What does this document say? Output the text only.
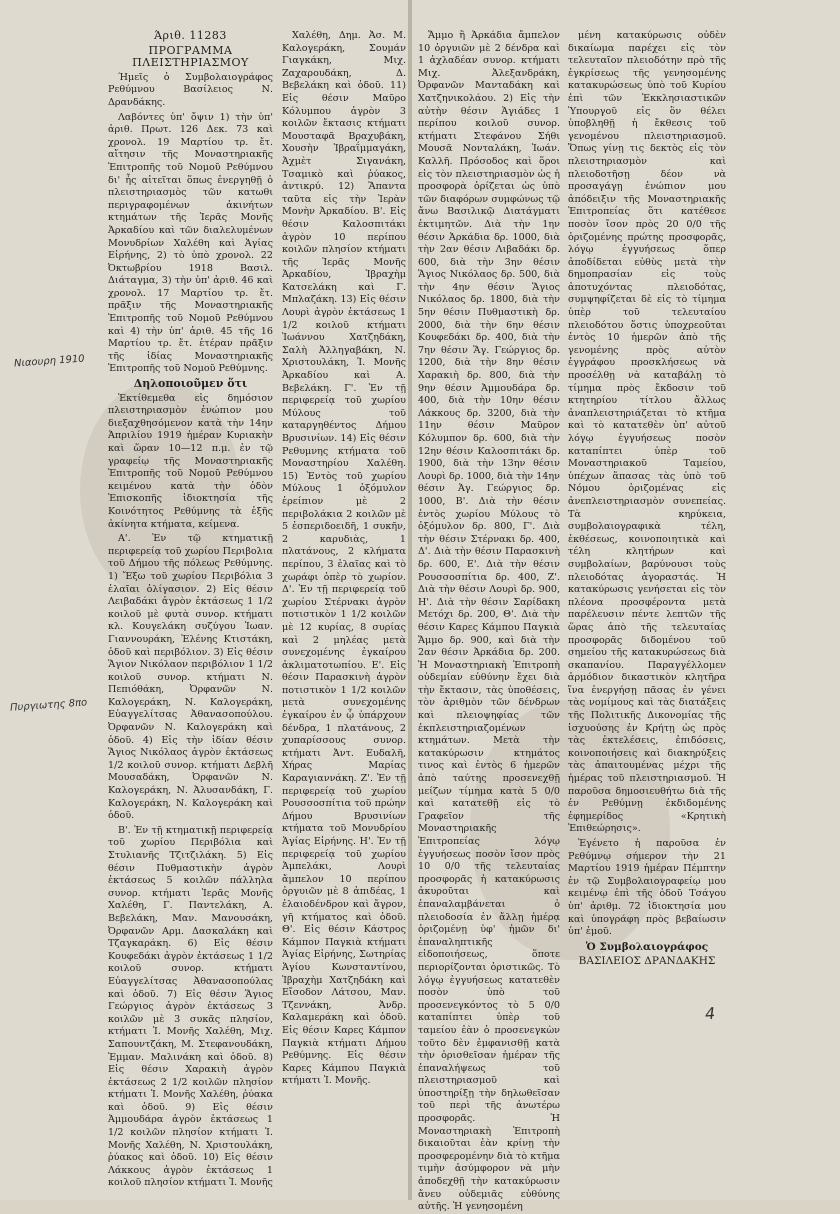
Άριθ. 11283

ΠΡΟΓΡΑΜΜΑ ΠΛΕΙΣΤΗΡΙΑΣΜΟΥ

Ήμεῖς ὁ Συμβολαιογράφος Ρεθύμνου Βασίλειος Ν. Δρανδάκης.

Λαβόντες ὑπ' ὄψιν 1) τὴν ὑπ' ἀριθ. Πρωτ. 126 Δεκ. 73 καὶ χρονολ. 19 Μαρτίου τρ. ἔτ. αἴτησιν τῆς Μοναστηριακῆς Ἐπιτροπῆς τοῦ Νομοῦ Ρεθύμνου δι' ἧς αἰτεῖται ὅπως ἐνεργηθῇ ὁ πλειστηριασμὸς τῶν κατωθι περιγραφομένων ἀκινήτων κτημάτων τῆς Ἱερᾶς Μονῆς Ἀρκαδίου καὶ τῶν διαλελυμένων Μονυδρίων Χαλέθη καὶ Ἁγίας Εἰρήνης, 2) τὸ ὑπὸ χρονολ. 22 Ὀκτωβρίου 1918 Βασιλ. Διάταγμα, 3) τὴν ὑπ' ἀριθ. 46 καὶ χρονολ. 17 Μαρτίου τρ. ἔτ. πρᾶξιν τῆς Μοναστηριακῆς Ἐπιτροπῆς τοῦ Νομοῦ Ρεθύμνου καὶ 4) τὴν ὑπ' ἀριθ. 45 τῆς 16 Μαρτίου τρ. ἔτ. ἑτέραν πρᾶξιν τῆς ἰδίας Μοναστηριακῆς Ἐπιτροπῆς τοῦ Νομοῦ Ρεθύμνης.

Δηλοποιοῦμεν ὅτι

Ἐκτίθεμεθα εἰς δημόσιον πλειστηριασμὸν ἐνώπιον μου διεξαχθησόμενον κατὰ τὴν 14ην Ἀπριλίου 1919 ἡμέραν Κυριακὴν καὶ ὥραν 10—12 π.μ. ἐν τῷ γραφείῳ τῆς Μοναστηριακῆς Ἐπιτροπῆς τοῦ Νομοῦ Ρεθύμνου κειμένου κατὰ τὴν ὁδὸν Ἐπισκοπῆς ἰδιοκτησία τῆς Κοινότητος Ρεθύμνης τὰ ἑξῆς ἀκίνητα κτήματα, κείμενα.

Α'. Ἐν τῷ κτηματικῇ περιφερείᾳ τοῦ χωρίου Περιβολια τοῦ Δήμου τῆς πόλεως Ρεθύμνης. 1) Ἔξω τοῦ χωρίου Περιβόλια 3 ἐλαῖαι ὀλίγασιον. 2) Εἰς θέσιν Λειβαδάκι ἀγρὸν ἐκτάσεως 1 1/2 κοιλοῦ μὲ φυτὰ συνορ. κτήματι κλ. Κουγελάκη συζύγου Ἰωαν. Γιαννουράκη, Ἐλένης Κτιστάκη, ὁδοῦ καὶ περιβόλιον. 3) Εἰς θέσιν Ἅγιον Νικόλαον περιβόλιον 1 1/2 κοιλοῦ συνορ. κτήματι Ν. Πεπιόθάκη, Ὀρφανῶν Ν. Καλογεράκη, Ν. Καλογεράκη, Εὐαγγελίτσας Ἀθανασοπούλου. Ὀρφανῶν Ν. Καλογεράκη καὶ ὁδοῦ. 4) Εἰς τὴν ἰδίαν θέσιν Ἅγιος Νικόλαος ἀγρὸν ἐκτάσεως 1/2 κοιλοῦ συνορ. κτήματι Δεβλῆ Μουσαδάκη, Ὀρφανῶν Ν. Καλογεράκη, Ν. Ἀλυσανδάκη, Γ. Καλογεράκη, Ν. Καλογεράκη καὶ ὁδοῦ.

Β'. Ἐν τῇ κτηματικῇ περιφερείᾳ τοῦ χωρίου Περιβόλια καὶ Στυλιανῆς Τζιτζιλάκη. 5) Εἰς θέσιν Πυθμαστικὴν ἀγρὸν ἐκτάσεως 5 κοιλῶν πάλληλα συνορ. κτήματι Ἱερᾶς Μονῆς Χαλέθη, Γ. Παντελάκη, Α. Βεβελάκη, Μαν. Μανουσάκη, Ὀρφανῶν Αρμ. Δασκαλάκη καὶ Τζαγκαράκη. 6) Εἰς θέσιν Κουφεδάκι ἀγρὸν ἐκτάσεως 1 1/2 κοιλοῦ συνορ. κτήματι Εὐαγγελίτσας Ἀθανασοπούλας καὶ ὁδοῦ. 7) Εἰς θέσιν Ἅγιος Γεώργιος ἀγρὸν ἐκτάσεως 3 κοιλῶν μὲ 3 συκᾶς πλησίον, κτήματι Ἱ. Μονῆς Χαλέθη, Μιχ. Σαπουντζάκη, Μ. Στεφανουδάκη, Ἐμμαν. Μαλινάκη καὶ ὁδοῦ. 8) Εἰς θέσιν Χαρακιὴ ἀγρὸν ἐκτάσεως 2 1/2 κοιλῶν πλησίον κτήματι Ἱ. Μονῆς Χαλέθη, ῥύακα καὶ ὁδοῦ. 9) Εἰς θέσιν Ἀμμουδάρα ἀγρὸν ἐκτάσεως 1 1/2 κοιλῶν πλησίον κτήματι Ἱ. Μονῆς Χαλέθη, Ν. Χριστουλάκη, ῥύακος καὶ ὁδοῦ. 10) Εἰς θέσιν Λάκκους ἀγρὸν ἐκτάσεως 1 κοιλοῦ πλησίον κτήματι Ἱ. Μονῆς

Χαλέθη, Δημ. Ἀσ. Μ. Καλογεράκη, Σουμάν Γιαγκάκη, Μιχ. Ζαχαρουδάκη, Δ. Βεβελάκη καὶ ὁδοῦ. 11) Εἰς θέσιν Μαῦρο Κόλυμπου ἀγρὸν 3 κοιλῶν ἔκτασις κτήματι Μουσταφᾶ Βραχυβάκη, Χουσὴν Ἰβραΐμμαγάκη, Ἀχμὲτ Σιγανάκη, Τσαμικὸ καὶ ῥύακος, ἀντικρύ. 12) Ἅπαντα ταῦτα εἰς τὴν Ἱερὰν Μονὴν Ἀρκαδίου. Β'. Εἰς θέσιν Καλοσπιτάκι ἀγρὸν 10 περίπου κοιλῶν πλησίον κτήματι τῆς Ἱερᾶς Μονῆς Ἀρκαδίου, Ἰβραχὴμ Κατσελάκη καὶ Γ. Μπλαζάκη. 13) Εἰς θέσιν Λουρὶ ἀγρὸν ἐκτάσεως 1 1/2 κοιλοῦ κτήματι Ἰωάννου Χατζηδάκη, Σαλὴ Ἀλληγαβάκη, Ν. Χριστουλάκη, Ἱ. Μονῆς Ἀρκαδίου καὶ Α. Βεβελάκη. Γ'. Ἐν τῇ περιφερείᾳ τοῦ χωρίου Μύλους τοῦ καταργηθέντος Δήμου Βρυσινίων. 14) Εἰς θέσιν Ρεθυμνης κτήματα τοῦ Μοναστηρίου Χαλέθη. 15) Ἐντὸς τοῦ χωρίου Μύλους 1 ὀξόμυλον ἐρείπιον μὲ 2 περιβολάκια 2 κοιλῶν μὲ 5 ἐσπεριδοειδῆ, 1 συκῆν, 2 καρυδιὰς, 1 πλατάνους, 2 κλήματα περίπου, 3 ἐλαῖας καὶ τὸ χωράφι ὁπὲρ τὸ χωρίον. Δ'. Ἐν τῇ περιφερείᾳ τοῦ χωρίου Στέρνακι ἀγρὸν ποτιστικὸν 1 1/2 κοιλῶν μὲ 12 κυρίας, 8 συρίας καὶ 2 μηλέας μετὰ συνεχομένης ἐγκαίρου ἀκλιματοτωπίου. Ε'. Εἰς θέσιν Παρασκινὴ ἀγρὸν ποτιστικὸν 1 1/2 κοιλῶν μετὰ συνεχομένης ἐγκαίρου ἐν ᾧ ὑπάρχουν δένδρα, 1 πλατάνους, 2 χυπαρίσσους συνορ. κτήματι Ἀντ. Ευδαλῆ, Χήρας Μαρίας Καραγιαννάκη. Ζ'. Ἐν τῇ περιφερείᾳ τοῦ χωρίου Ρουσσοσπίτια τοῦ πρώην Δήμου Βρυσινίων κτήματα τοῦ Μονυδρίου Ἁγίας Εἰρήνης. Η'. Ἐν τῇ περιφερείᾳ τοῦ χωρίου Ἀμπελάκι, Λουρὶ ἄμπελον 10 περίπου ὀργυιῶν μὲ 8 ἀπιδέας, 1 ἐλαιοδένδρον καὶ ἄγρον, γῆ κτήματος καὶ ὁδοῦ. Θ'. Εἰς θέσιν Κάστρος Κάμπον Παγκιὰ κτήματι Ἁγίας Εἰρήνης, Σωτηρίας Ἁγίου Κωνσταντίνου, Ἰβραχὴμ Χατζηδάκη καὶ Εἴσοδον Λάτσου, Μαν. Τζεννάκη, Ἀνδρ. Καλαμεράκη καὶ ὁδοῦ. Εἰς θέσιν Καρες Κάμπον Παγκιὰ κτήματι Δήμου Ρεθύμνης. Εἰς θέσιν Καρες Κάμπου Παγκιὰ κτήματι Ἱ. Μονῆς.

Ἄμμο ἢ Ἀρκάδια ἄμπελον 10 ὀργυιῶν μὲ 2 δένδρα καὶ 1 ἀχλαδέαν συνορ. κτήματι Μιχ. Ἀλεξανδράκη, Ὀρφανῶν Μανταδάκη καὶ Χατζηνικολάου. 2) Εἰς τὴν αὐτὴν θέσιν Ἁγιάδες 1 περίπου κοιλοῦ συνορ. κτήματι Στεφάνου Σήθι Μουσᾶ Νονταλάκη, Ἰωάν. Καλλῆ. Πρόσοδος καὶ ὅροι εἰς τὸν πλειστηριασμὸν ὡς ἡ προσφορὰ ὁρίζεται ὡς ὑπὸ τῶν διαφόρων συμφώνως τῷ ἄνω Βασιλικῷ Διατάγματι ἐκτιμητῶν. Διὰ τὴν 1ην θέσιν Ἀρκάδια δρ. 1000, διὰ τὴν 2αν θέσιν Λιβαδάκι δρ. 600, διὰ τὴν 3ην θέσιν Ἅγιος Νικόλαος δρ. 500, διὰ τὴν 4ην θέσιν Ἅγιος Νικόλαος δρ. 1800, διὰ τὴν 5ην θέσιν Πυθμαστικὴ δρ. 2000, διὰ τὴν 6ην θέσιν Κουφεδάκι δρ. 400, διὰ τὴν 7ην θέσιν Ἅγ. Γεώργιος δρ. 1200, διὰ τὴν 8ην θέσιν Χαρακιὴ δρ. 800, διὰ τὴν 9ην θέσιν Ἀμμουδάρα δρ. 400, διὰ τὴν 10ην θέσιν Λάκκους δρ. 3200, διὰ τὴν 11ην θέσιν Μαῦρον Κόλυμπον δρ. 600, διὰ τὴν 12ην θέσιν Καλοσπιτάκι δρ. 1900, διὰ τὴν 13ην θέσιν Λουρὶ δρ. 1000, διὰ τὴν 14ην θέσιν Ἀγ. Γεώργιος δρ. 1000, Β'. Διὰ τὴν θέσιν ἐντὸς χωρίου Μύλους τὸ ὀξόμυλον δρ. 800, Γ'. Διὰ τὴν θέσιν Στέρνακι δρ. 400, Δ'. Διὰ τὴν θέσιν Παρασκινὴ δρ. 600, Ε'. Διὰ τὴν θέσιν Ρουσσοσπίτια δρ. 400, Ζ'. Διὰ τὴν θέσιν Λουρὶ δρ. 900, Η'. Διὰ τὴν θέσιν Σαρίδακη Μετόχι δρ. 200, Θ'. Διὰ τὴν θέσιν Καρες Κάμπου Παγκιὰ Ἄμμο δρ. 900, καὶ διὰ τὴν 2αν θέσιν Ἀρκάδια δρ. 200. Ἡ Μοναστηριακὴ Ἐπιτροπὴ οὐδεμίαν εὐθύνην ἔχει διὰ τὴν ἔκτασιν, τὰς ὑποθέσεις, τὸν ἀριθμὸν τῶν δένδρων καὶ πλειοψηφίας τῶν ἐκπλειστηριαζομένων κτημάτων. Μετὰ τὴν κατακύρωσιν κτημάτος τινος καὶ ἐντὸς 6 ἡμερῶν ἀπὸ ταύτης προσενεχθῇ μείζων τίμημα κατὰ 5 0/0 καὶ κατατεθῇ εἰς τὸ Γραφεῖον τῆς Μοναστηριακῆς Ἐπιτροπείας λόγῳ ἐγγυήσεως ποσὸν ἴσον πρὸς 10 0/0 τῆς τελευταίας προσφορᾶς ἡ κατακύρωσις ἀκυροῦται καὶ ἐπαναλαμβάνεται ὁ πλειοδοσία ἐν ἄλλῃ ἡμέρᾳ ὁριζομένῃ ὑφ' ἡμῶν δι' ἐπαναληπτικῆς εἰδοποιήσεως, ὅποτε περιορίζονται ὀριστικῶς. Τὸ λόγῳ ἐγγυήσεως κατατεθὲν ποσὸν ὑπὸ τοῦ προσενεγκόντος τὸ 5 0/0 καταπίπτει ὑπὲρ τοῦ ταμείου ἐὰν ὁ προσενεγκὼν τοῦτο δὲν ἐμφανισθῇ κατὰ τὴν ὁρισθεῖσαν ἡμέραν τῆς ἐπαναλήψεως τοῦ πλειστηριασμοῦ καὶ ὑποστηρίξῃ τὴν δηλωθεῖσαν τοῦ περὶ τῆς ἀνωτέρω προσφορᾶς. Ἡ Μοναστηριακὴ Ἐπιτροπὴ δικαιοῦται ἐὰν κρίνῃ τὴν προσφερομένην διὰ τὸ κτῆμα τιμὴν ἀσύμφορον νὰ μὴν ἀποδεχθῇ τὴν κατακύρωσιν ἄνευ οὐδεμιᾶς εὐθύνης αὐτῆς. Ἡ γενησομένη

μένη κατακύρωσις οὐδὲν δικαίωμα παρέχει εἰς τὸν τελευταῖον πλειοδότην πρὸ τῆς ἐγκρίσεως τῆς γενησομένης κατακυρώσεως ὑπὸ τοῦ Κυρίου ἐπὶ τῶν Ἐκκλησιαστικῶν Ὑπουργοῦ εἰς ὃν θέλει ὑποβληθῇ ἡ ἔκθεσις τοῦ γενομένου πλειστηριασμοῦ. Ὅπως γίνῃ τις δεκτὸς εἰς τὸν πλειστηριασμὸν καὶ πλειοδοτῆσῃ δέον νὰ προσαγάγῃ ἐνώπιον μου ἀπόδειξιν τῆς Μοναστηριακῆς Ἐπιτροπείας ὅτι κατέθεσε ποσὸν ἴσον πρὸς 20 0/0 τῆς ὁριζομένης πρώτης προσφορᾶς, λόγῳ ἐγγυήσεως ὅπερ ἀποδίδεται εὐθὺς μετὰ τὴν δημοπρασίαν εἰς τοὺς ἀποτυχόντας πλειοδότας, συμψηφίζεται δὲ εἰς τὸ τίμημα ὑπὲρ τοῦ τελευταίου πλειοδότου ὅστις ὑποχρεοῦται ἐντὸς 10 ἡμερῶν ἀπὸ τῆς γενομένης πρὸς αὐτὸν ἐγγράφου προσκλήσεως νὰ προσέλθῃ νὰ καταβάλῃ τὸ τίμημα πρὸς ἔκδοσιν τοῦ κτητηρίου τίτλου ἄλλως ἀναπλειστηριάζεται τὸ κτῆμα καὶ τὸ κατατεθὲν ὑπ' αὐτοῦ λόγῳ ἐγγυήσεως ποσὸν καταπίπτει ὑπὲρ τοῦ Μοναστηριακοῦ Ταμείου, ὑπέχων ἅπασας τὰς ὑπὸ τοῦ Νόμου ὁριζομένας εἰς ἀνεπλειστηριασμὸν συνεπείας. Τὰ κηρύκεια, συμβολαιογραφικὰ τέλη, ἐκθέσεως, κοινοποιητικὰ καὶ τέλη κλητήρων καὶ συμβολαίων, βαρύνουσι τοὺς πλειοδότας ἀγοραστάς. Ἡ κατακύρωσις γενήσεται εἰς τὸν πλέονα προσφέροντα μετὰ παρέλευσιν πέντε λεπτῶν τῆς ὥρας ἀπὸ τῆς τελευταίας προσφορᾶς διδομένου τοῦ σημείου τῆς κατακυρώσεως διὰ σκαπανίου. Παραγγέλλομεν ἁρμόδιον δικαστικὸν κλητῆρα ἵνα ἐνεργήσῃ πᾶσας ἐν γένει τὰς νομίμους καὶ τὰς διατάξεις τῆς Πολιτικῆς Δικονομίας τῆς ἰσχυούσης ἐν Κρήτῃ ὡς πρὸς τὰς ἐκτελέσεις, ἐπιδόσεις, κοινοποιήσεις καὶ διακηρύξεις τὰς ἀπαιτουμένας μέχρι τῆς ἡμέρας τοῦ πλειστηριασμοῦ. Ἡ παροῦσα δημοσιευθήτω διὰ τῆς ἐν Ρεθύμνῃ ἐκδιδομένης ἐφημερίδος «Κρητικὴ Ἐπιθεώρησις».

Ἐγένετο ἡ παροῦσα ἐν Ρεθύμνῳ σήμερον τὴν 21 Μαρτίου 1919 ἡμέραν Πέμπτην ἐν τῷ Συμβολαιογραφείῳ μου κειμένῳ ἐπὶ τῆς ὁδοῦ Τσάγου ὑπ' ἀριθμ. 72 ἰδιοκτησία μου καὶ ὑπογράφη πρὸς βεβαίωσιν ὑπ' ἐμοῦ.

Ὁ Συμβολαιογράφος

ΒΑΣΙΛΕΙΟΣ ΔΡΑΝΔΑΚΗΣ

Νιαουρη 1910
Πυργιωτης 8πο
4
